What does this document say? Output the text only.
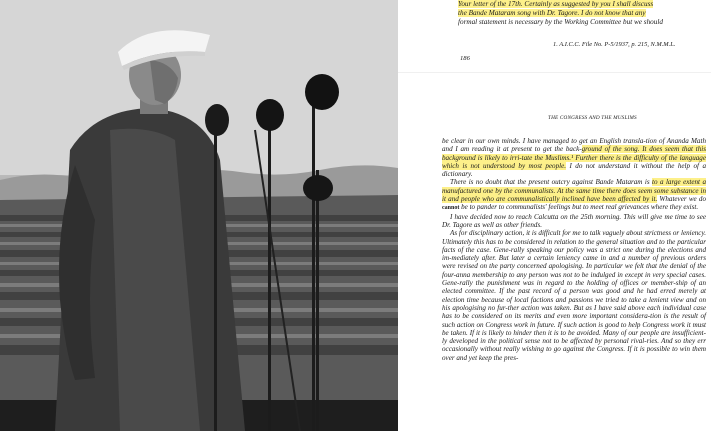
Your letter of the 17th. Certainly as suggested by you I shall discuss
the Bande Mataram song with Dr. Tagore. I do not know that any
formal statement is necessary by the Working Committee but we should
1. A.I.C.C. File No. P-5/1937, p. 215, N.M.M.L.
186
THE CONGRESS AND THE MUSLIMS

be clear in our own minds. I have managed to get an English transla-tion of Ananda Math and I am reading it at present to get the back-ground of the song. It does seem that this background is likely to irri-tate the Muslims.¹ Further there is the difficulty of the language which is not understood by most people. I do not understand it without the help of a dictionary.

There is no doubt that the present outcry against Bande Mataram is to a large extent a manufactured one by the communalists. At the same time there does seem some substance in it and people who are communalistically inclined have been affected by it. Whatever we do cannot be to pander to communalists' feelings but to meet real grievances where they exist.

I have decided now to reach Calcutta on the 25th morning. This will give me time to see Dr. Tagore as well as other friends.

As for disciplinary action, it is difficult for me to talk vaguely about strictness or leniency. Ultimately this has to be considered in relation to the general situation and to the particular facts of the case. Gene-rally speaking our policy was a strict one during the elections and im-mediately after. But later a certain leniency came in and a number of previous orders were revised on the party concerned apologising. In particular we felt that the denial of the four-anna membership to any person was not to be indulged in except in very special cases. Gene-rally the punishment was in regard to the holding of offices or member-ship of an elected committee. If the past record of a person was good and he had erred merely at election time because of local factions and passions we tried to take a lenient view and on his apologising no fur-ther action was taken. But as I have said above each individual case has to be considered on its merits and even more important considera-tion is the result of such action on Congress work in future. If such action is good to help Congress work it must be taken. If it is likely to hinder then it is to be avoided. Many of our people are insufficient-ly developed in the political sense not to be affected by personal rival-ries. And so they err occasionally without really wishing to go against the Congress. If it is possible to win them over and yet keep the pres-
